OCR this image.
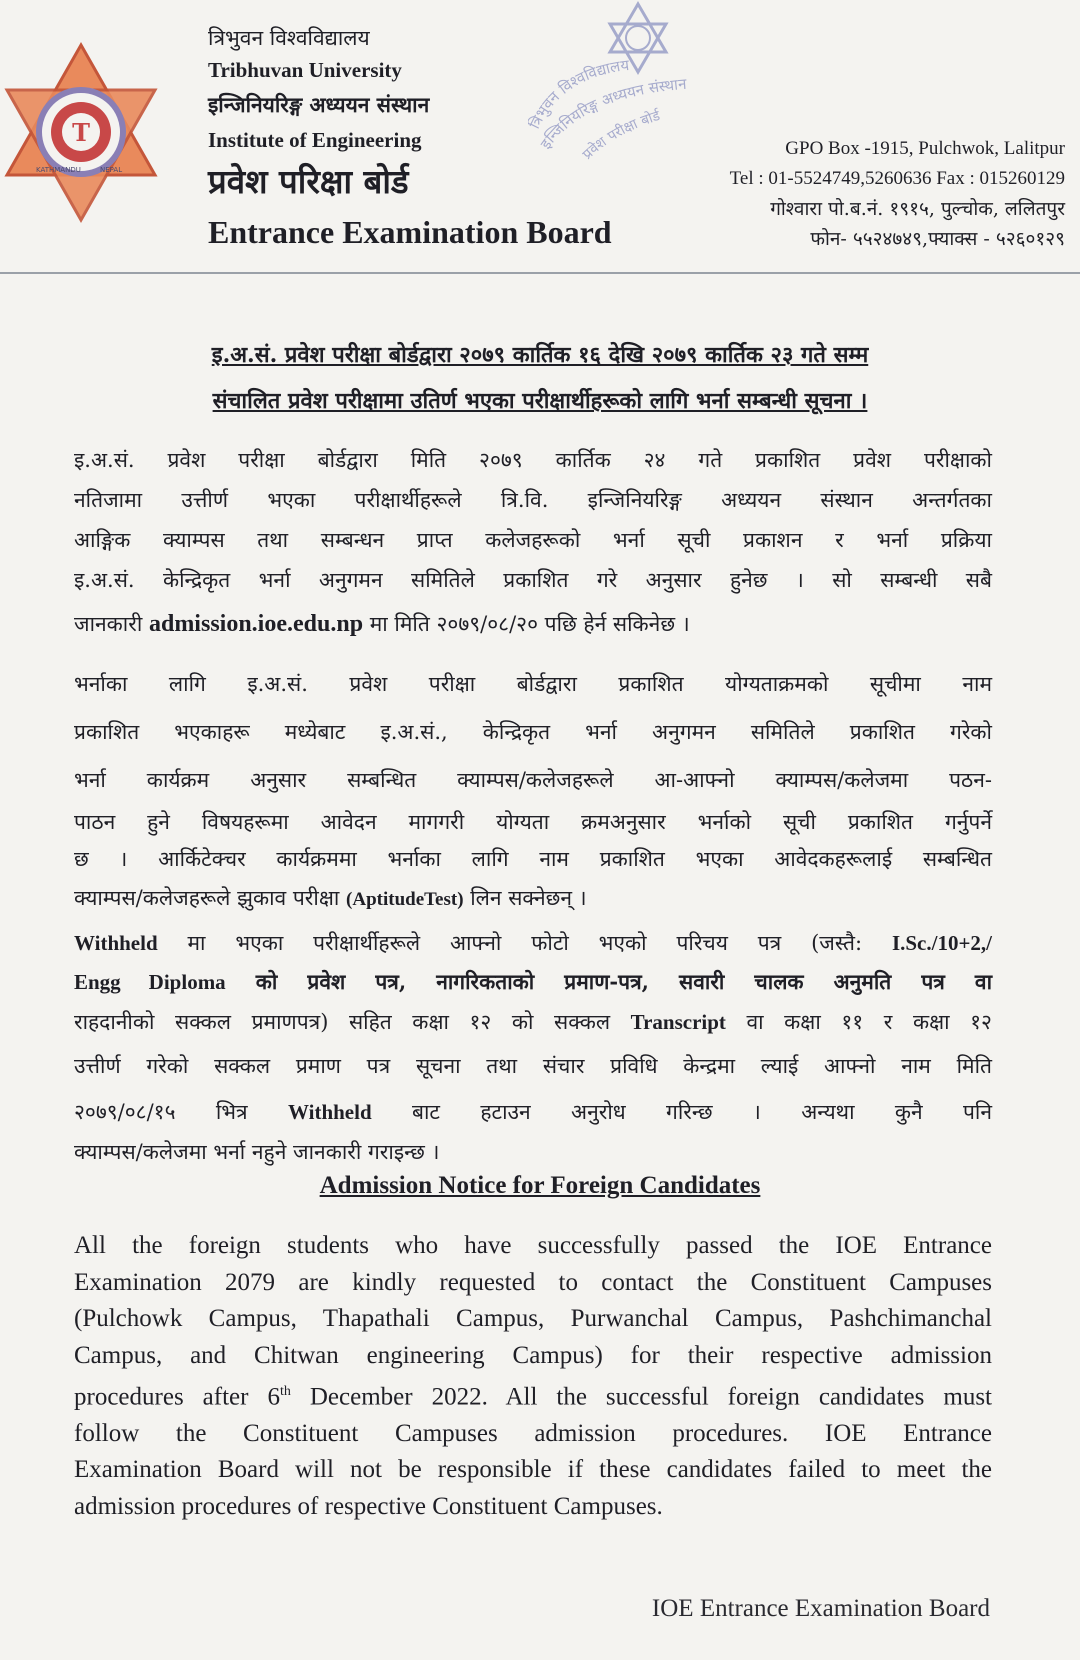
T
KATHMANDU	NEPAL
त्रिभुवन विश्वविद्यालय
Tribhuvan University
इन्जिनियरिङ्ग अध्ययन संस्थान
Institute of Engineering
प्रवेश परिक्षा बोर्ड
Entrance Examination Board
भुवन विश्वविद्यालय
इन्जिनियरिङ्ग अध्ययन संस्थान
प्रवेश परीक्षा बोर्ड
GPO Box -1915, Pulchwok, Lalitpur
Tel : 01-5524749,5260636 Fax : 015260129
गोश्वारा पो.ब.नं. १९१५, पुल्चोक, ललितपुर
फोन- ५५२४७४९,फ्याक्स - ५२६०१२९
इ.अ.सं. प्रवेश परीक्षा बोर्डद्वारा २०७९ कार्तिक १६ देखि २०७९ कार्तिक २३ गते सम्म
संचालित प्रवेश परीक्षामा उतिर्ण भएका परीक्षार्थीहरूको लागि भर्ना सम्बन्धी सूचना ।
इ.अ.सं. प्रवेश परीक्षा बोर्डद्वारा मिति २०७९ कार्तिक २४ गते प्रकाशित प्रवेश परीक्षाको
नतिजामा उत्तीर्ण भएका परीक्षार्थीहरूले त्रि.वि. इन्जिनियरिङ्ग अध्ययन संस्थान अन्तर्गतका
आङ्गिक क्याम्पस तथा सम्बन्धन प्राप्त कलेजहरूको भर्ना सूची प्रकाशन र भर्ना प्रक्रिया
इ.अ.सं. केन्द्रिकृत भर्ना अनुगमन समितिले प्रकाशित गरे अनुसार हुनेछ । सो सम्बन्धी सबै
जानकारी admission.ioe.edu.np मा मिति २०७९/०८/२० पछि हेर्न सकिनेछ ।
भर्नाका लागि इ.अ.सं. प्रवेश परीक्षा बोर्डद्वारा प्रकाशित योग्यताक्रमको सूचीमा नाम
प्रकाशित भएकाहरू मध्येबाट इ.अ.सं., केन्द्रिकृत भर्ना अनुगमन समितिले प्रकाशित गरेको
भर्ना कार्यक्रम अनुसार सम्बन्धित क्याम्पस/कलेजहरूले आ-आफ्नो क्याम्पस/कलेजमा पठन-
पाठन हुने विषयहरूमा आवेदन मागगरी योग्यता क्रमअनुसार भर्नाको सूची प्रकाशित गर्नुपर्ने
छ । आर्किटेक्चर कार्यक्रममा भर्नाका लागि नाम प्रकाशित भएका आवेदकहरूलाई सम्बन्धित
क्याम्पस/कलेजहरूले झुकाव परीक्षा (AptitudeTest) लिन सक्नेछन् ।
Withheld मा भएका परीक्षार्थीहरूले आफ्नो फोटो भएको परिचय पत्र (जस्तै: I.Sc./10+2,/
Engg Diploma को प्रवेश पत्र, नागरिकताको प्रमाण-पत्र, सवारी चालक अनुमति पत्र वा
राहदानीको सक्कल प्रमाणपत्र) सहित कक्षा १२ को सक्कल Transcript वा कक्षा ११ र कक्षा १२
उत्तीर्ण गरेको सक्कल प्रमाण पत्र सूचना तथा संचार प्रविधि केन्द्रमा ल्याई आफ्नो नाम मिति
२०७९/०८/१५ भित्र Withheld बाट हटाउन अनुरोध गरिन्छ । अन्यथा कुनै पनि
क्याम्पस/कलेजमा भर्ना नहुने जानकारी गराइन्छ ।
Admission Notice for Foreign Candidates
All the foreign students who have successfully passed the IOE Entrance
Examination 2079 are kindly requested to contact the Constituent Campuses
(Pulchowk Campus, Thapathali Campus, Purwanchal Campus, Pashchimanchal
Campus, and Chitwan engineering Campus) for their respective admission
procedures after 6th December 2022. All the successful foreign candidates must
follow the Constituent Campuses admission procedures. IOE Entrance
Examination Board will not be responsible if these candidates failed to meet the
admission procedures of respective Constituent Campuses.
IOE Entrance Examination Board
